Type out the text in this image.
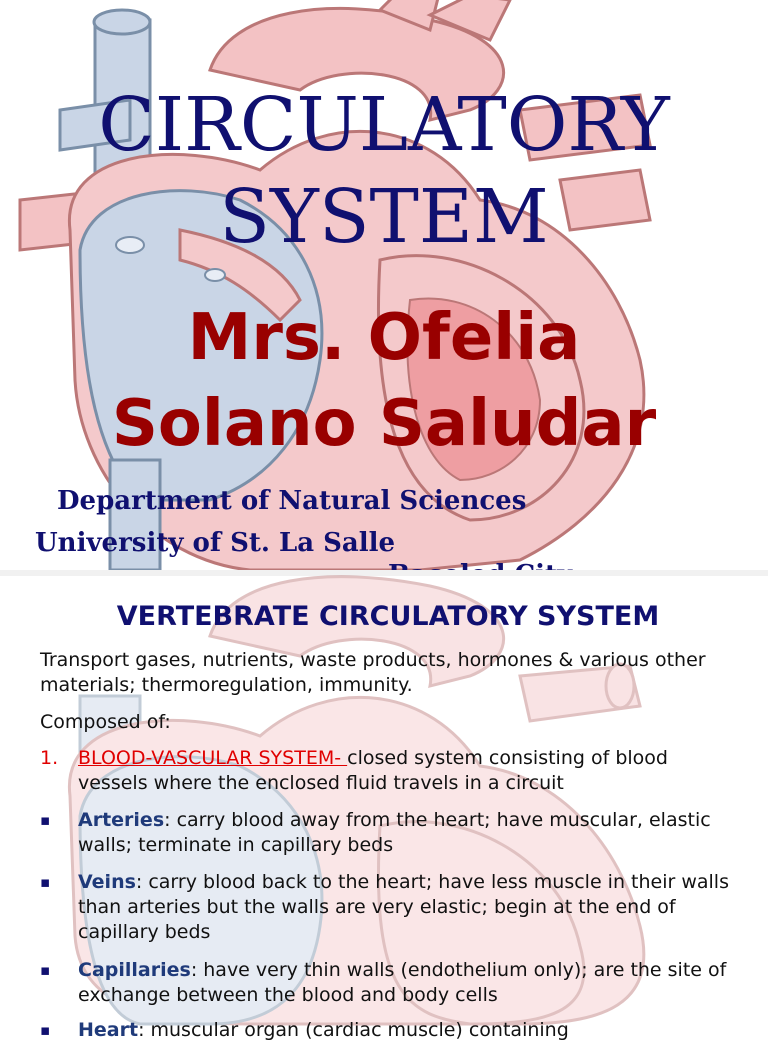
CIRCULATORY
SYSTEM
Mrs. Ofelia
Solano Saludar
Department of Natural Sciences
University of St. La Salle
VERTEBRATE CIRCULATORY SYSTEM
Transport gases, nutrients, waste products, hormones & various other materials; thermoregulation, immunity.
Composed of:
1. BLOOD-VASCULAR SYSTEM- closed system consisting of blood vessels where the enclosed fluid travels in a circuit
▪ Arteries: carry blood away from the heart; have muscular, elastic walls; terminate in capillary beds
▪ Veins: carry blood back to the heart; have less muscle in their walls than arteries but the walls are very elastic; begin at the end of capillary beds
▪ Capillaries: have very thin walls (endothelium only); are the site of exchange between the blood and body cells
▪ Heart: muscular organ (cardiac muscle) containing
